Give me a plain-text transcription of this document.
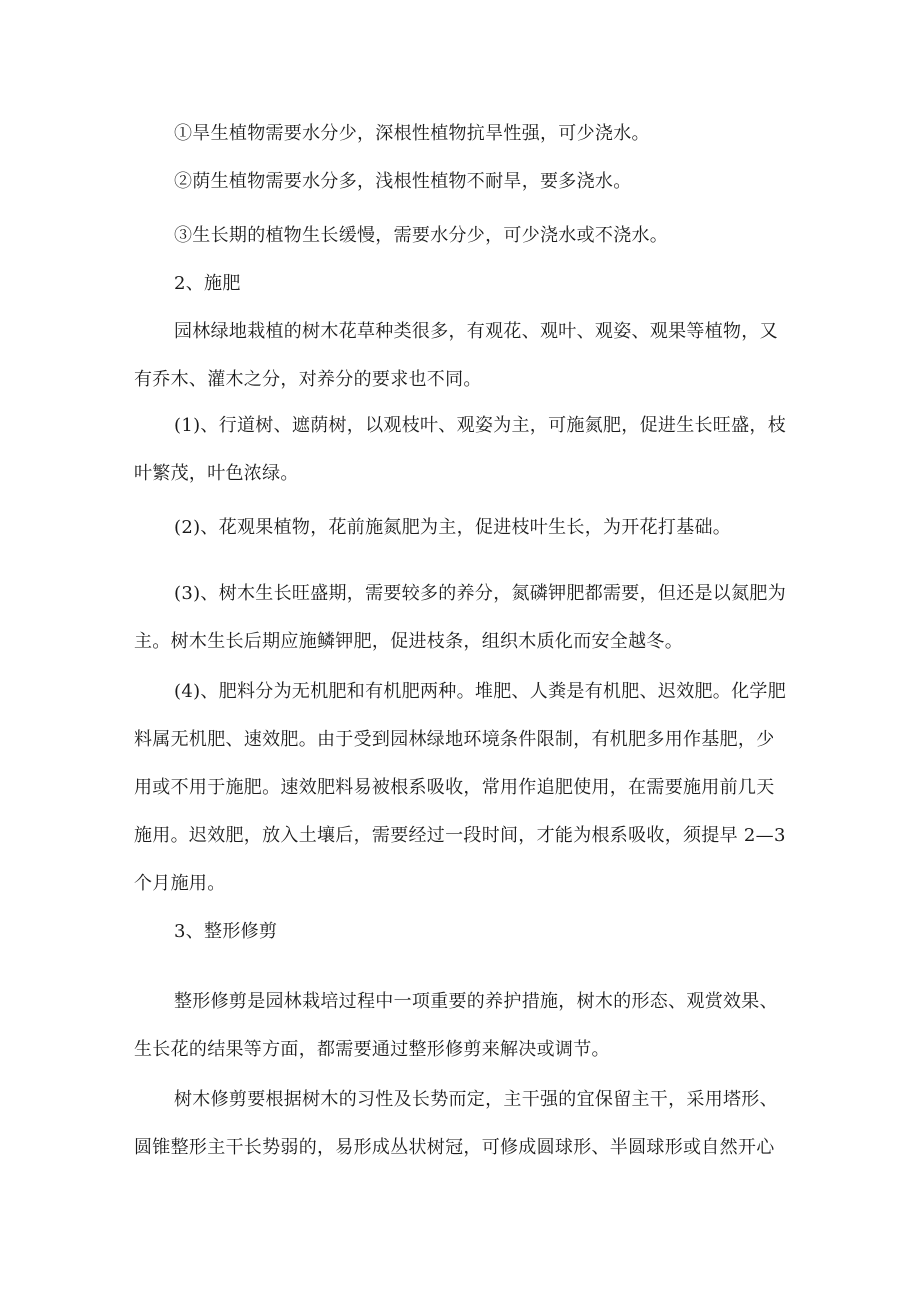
①旱生植物需要水分少，深根性植物抗旱性强，可少浇水。
②荫生植物需要水分多，浅根性植物不耐旱，要多浇水。
③生长期的植物生长缓慢，需要水分少，可少浇水或不浇水。
2、施肥
园林绿地栽植的树木花草种类很多，有观花、观叶、观姿、观果等植物，又
有乔木、灌木之分，对养分的要求也不同。
(1)、行道树、遮荫树，以观枝叶、观姿为主，可施氮肥，促进生长旺盛，枝
叶繁茂，叶色浓绿。
(2)、花观果植物，花前施氮肥为主，促进枝叶生长，为开花打基础。
(3)、树木生长旺盛期，需要较多的养分，氮磷钾肥都需要，但还是以氮肥为
主。树木生长后期应施鳞钾肥，促进枝条，组织木质化而安全越冬。
(4)、肥料分为无机肥和有机肥两种。堆肥、人粪是有机肥、迟效肥。化学肥
料属无机肥、速效肥。由于受到园林绿地环境条件限制，有机肥多用作基肥，少
用或不用于施肥。速效肥料易被根系吸收，常用作追肥使用，在需要施用前几天
施用。迟效肥，放入土壤后，需要经过一段时间，才能为根系吸收，须提早 2—3
个月施用。
3、整形修剪
整形修剪是园林栽培过程中一项重要的养护措施，树木的形态、观赏效果、
生长花的结果等方面，都需要通过整形修剪来解决或调节。
树木修剪要根据树木的习性及长势而定，主干强的宜保留主干，采用塔形、
圆锥整形主干长势弱的，易形成丛状树冠，可修成圆球形、半圆球形或自然开心
